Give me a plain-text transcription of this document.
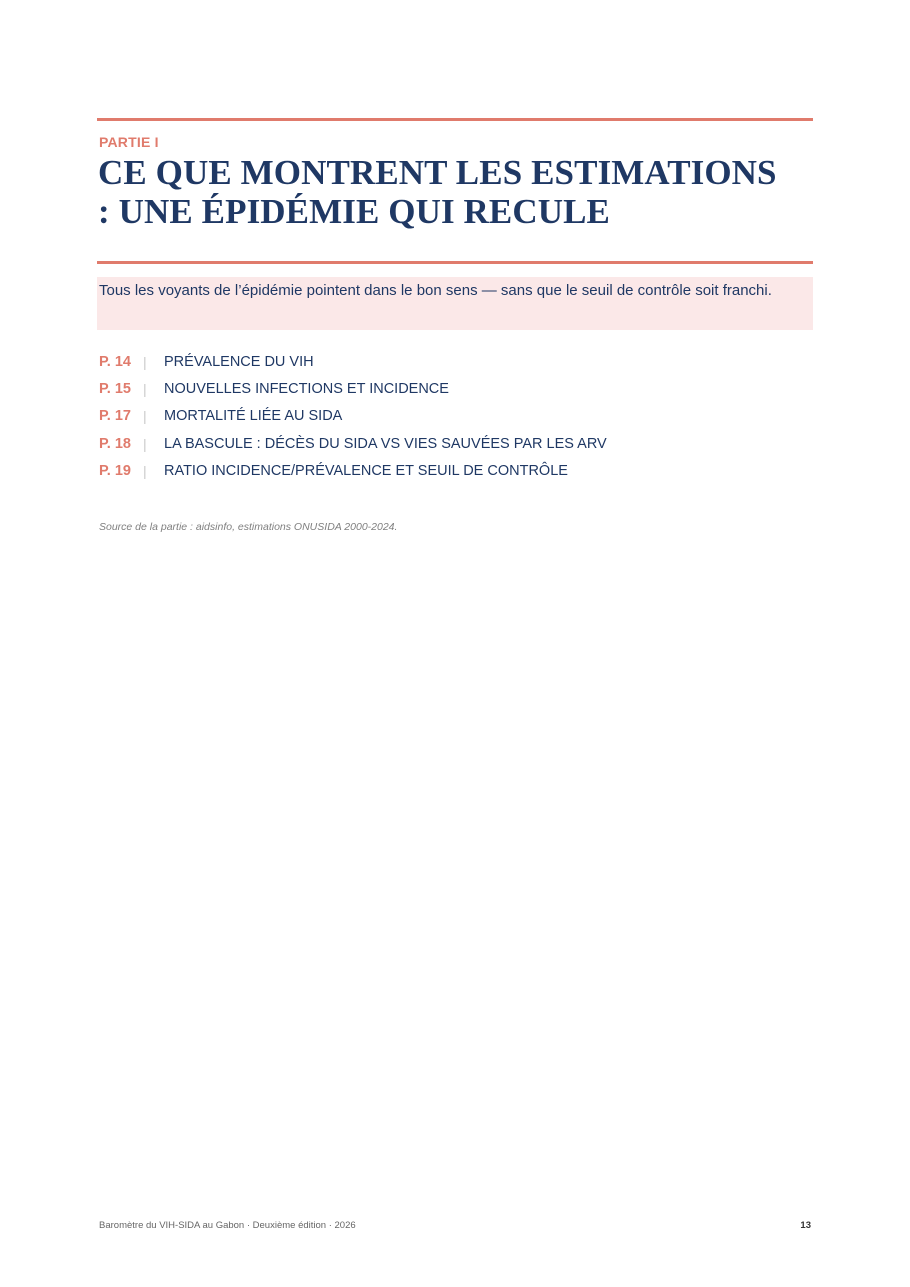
PARTIE I
CE QUE MONTRENT LES ESTIMATIONS
: UNE ÉPIDÉMIE QUI RECULE
Tous les voyants de l’épidémie pointent dans le bon sens — sans que le seuil de contrôle soit franchi.
P. 14 |	PRÉVALENCE DU VIH
P. 15 |	NOUVELLES INFECTIONS ET INCIDENCE
P. 17 |	MORTALITÉ LIÉE AU SIDA
P. 18 |	LA BASCULE : DÉCÈS DU SIDA VS VIES SAUVÉES PAR LES ARV
P. 19 |	RATIO INCIDENCE/PRÉVALENCE ET SEUIL DE CONTRÔLE
Source de la partie : aidsinfo, estimations ONUSIDA 2000-2024.
Baromètre du VIH-SIDA au Gabon · Deuxième édition · 2026	13
